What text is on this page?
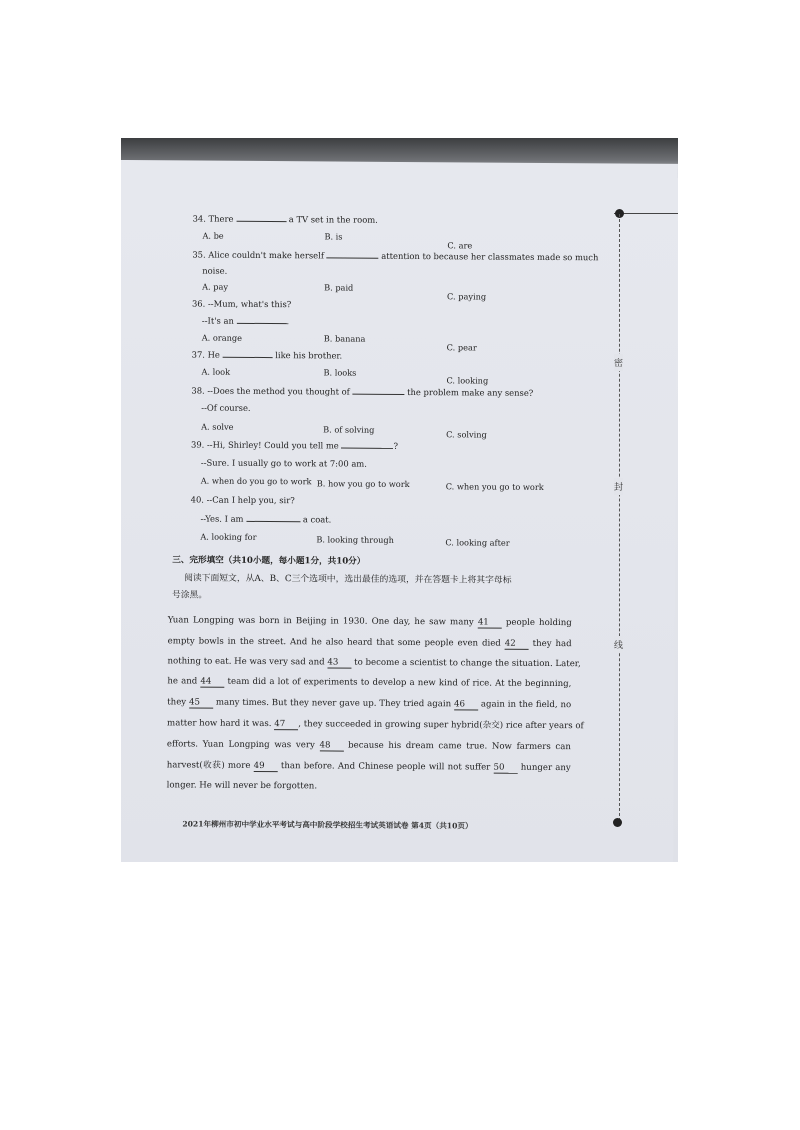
34. There	a TV set in the room.
A. be	B. is
C. are
35. Alice couldn't make herself	attention to because her classmates made so much
noise.
A. pay	B. paid
C. paying
36. --Mum, what's this?
--It's an	.
A. orange	B. banana
C. pear
37. He	like his brother.
A. look	B. looks
C. looking
38. --Does the method you thought of	the problem make any sense?
--Of course.
A. solve	B. of solving	C. solving
39. --Hi, Shirley! Could you tell me	?
--Sure. I usually go to work at 7:00 am.
A. when do you go to work B. how you go to work	C. when you go to work
40. --Can I help you, sir?
--Yes. I am	a coat.
A. looking for	B. looking through	C. looking after
三、完形填空（共10小题，每小题1分，共10分）
阅读下面短文，从A、B、C三个选项中，选出最佳的选项，并在答题卡上将其字母标
号涂黑。
Yuan Longping was born in Beijing in 1930. One day, he saw many 41 people holding
empty bowls in the street. And he also heard that some people even died 42 they had
nothing to eat. He was very sad and 43 to become a scientist to change the situation. Later,
he and 44 team did a lot of experiments to develop a new kind of rice. At the beginning,
they 45 many times. But they never gave up. They tried again 46 again in the field, no
matter how hard it was. 47 , they succeeded in growing super hybrid(杂交) rice after years of
efforts. Yuan Longping was very 48 because his dream came true. Now farmers can
harvest(收获) more 49 than before. And Chinese people will not suffer 50 hunger any
longer. He will never be forgotten.
2021年柳州市初中学业水平考试与高中阶段学校招生考试英语试卷 第4页（共10页）
密
封
线
